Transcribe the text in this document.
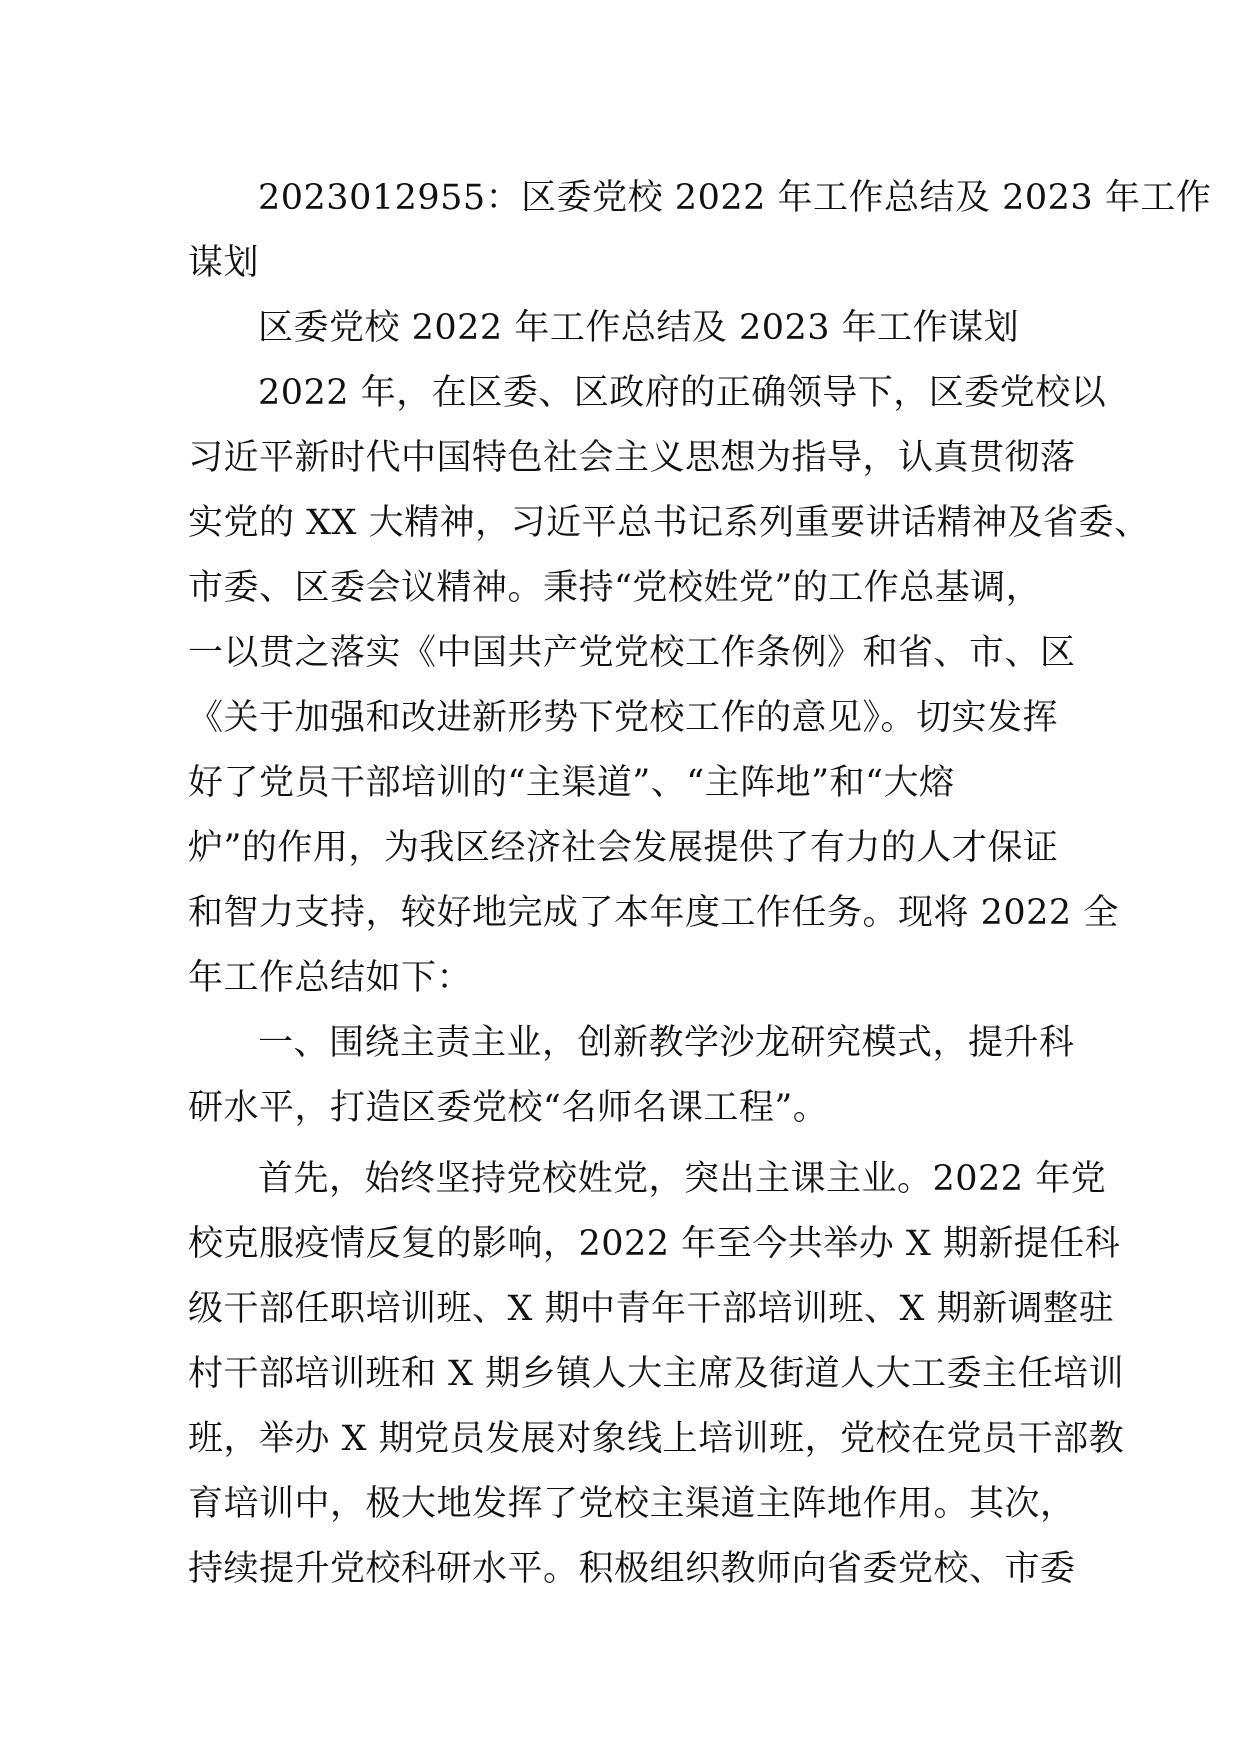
2023012955：区委党校 2022 年工作总结及 2023 年工作
谋划
区委党校 2022 年工作总结及 2023 年工作谋划
2022 年，在区委、区政府的正确领导下，区委党校以
习近平新时代中国特色社会主义思想为指导，认真贯彻落
实党的 XX 大精神，习近平总书记系列重要讲话精神及省委、
市委、区委会议精神。秉持“党校姓党”的工作总基调，
一以贯之落实《中国共产党党校工作条例》和省、市、区
《关于加强和改进新形势下党校工作的意见》。切实发挥
好了党员干部培训的“主渠道”、“主阵地”和“大熔
炉”的作用，为我区经济社会发展提供了有力的人才保证
和智力支持，较好地完成了本年度工作任务。现将 2022 全
年工作总结如下：
一、围绕主责主业，创新教学沙龙研究模式，提升科
研水平，打造区委党校“名师名课工程”。
首先，始终坚持党校姓党，突出主课主业。2022 年党
校克服疫情反复的影响，2022 年至今共举办 X 期新提任科
级干部任职培训班、X 期中青年干部培训班、X 期新调整驻
村干部培训班和 X 期乡镇人大主席及街道人大工委主任培训
班，举办 X 期党员发展对象线上培训班，党校在党员干部教
育培训中，极大地发挥了党校主渠道主阵地作用。其次，
持续提升党校科研水平。积极组织教师向省委党校、市委
